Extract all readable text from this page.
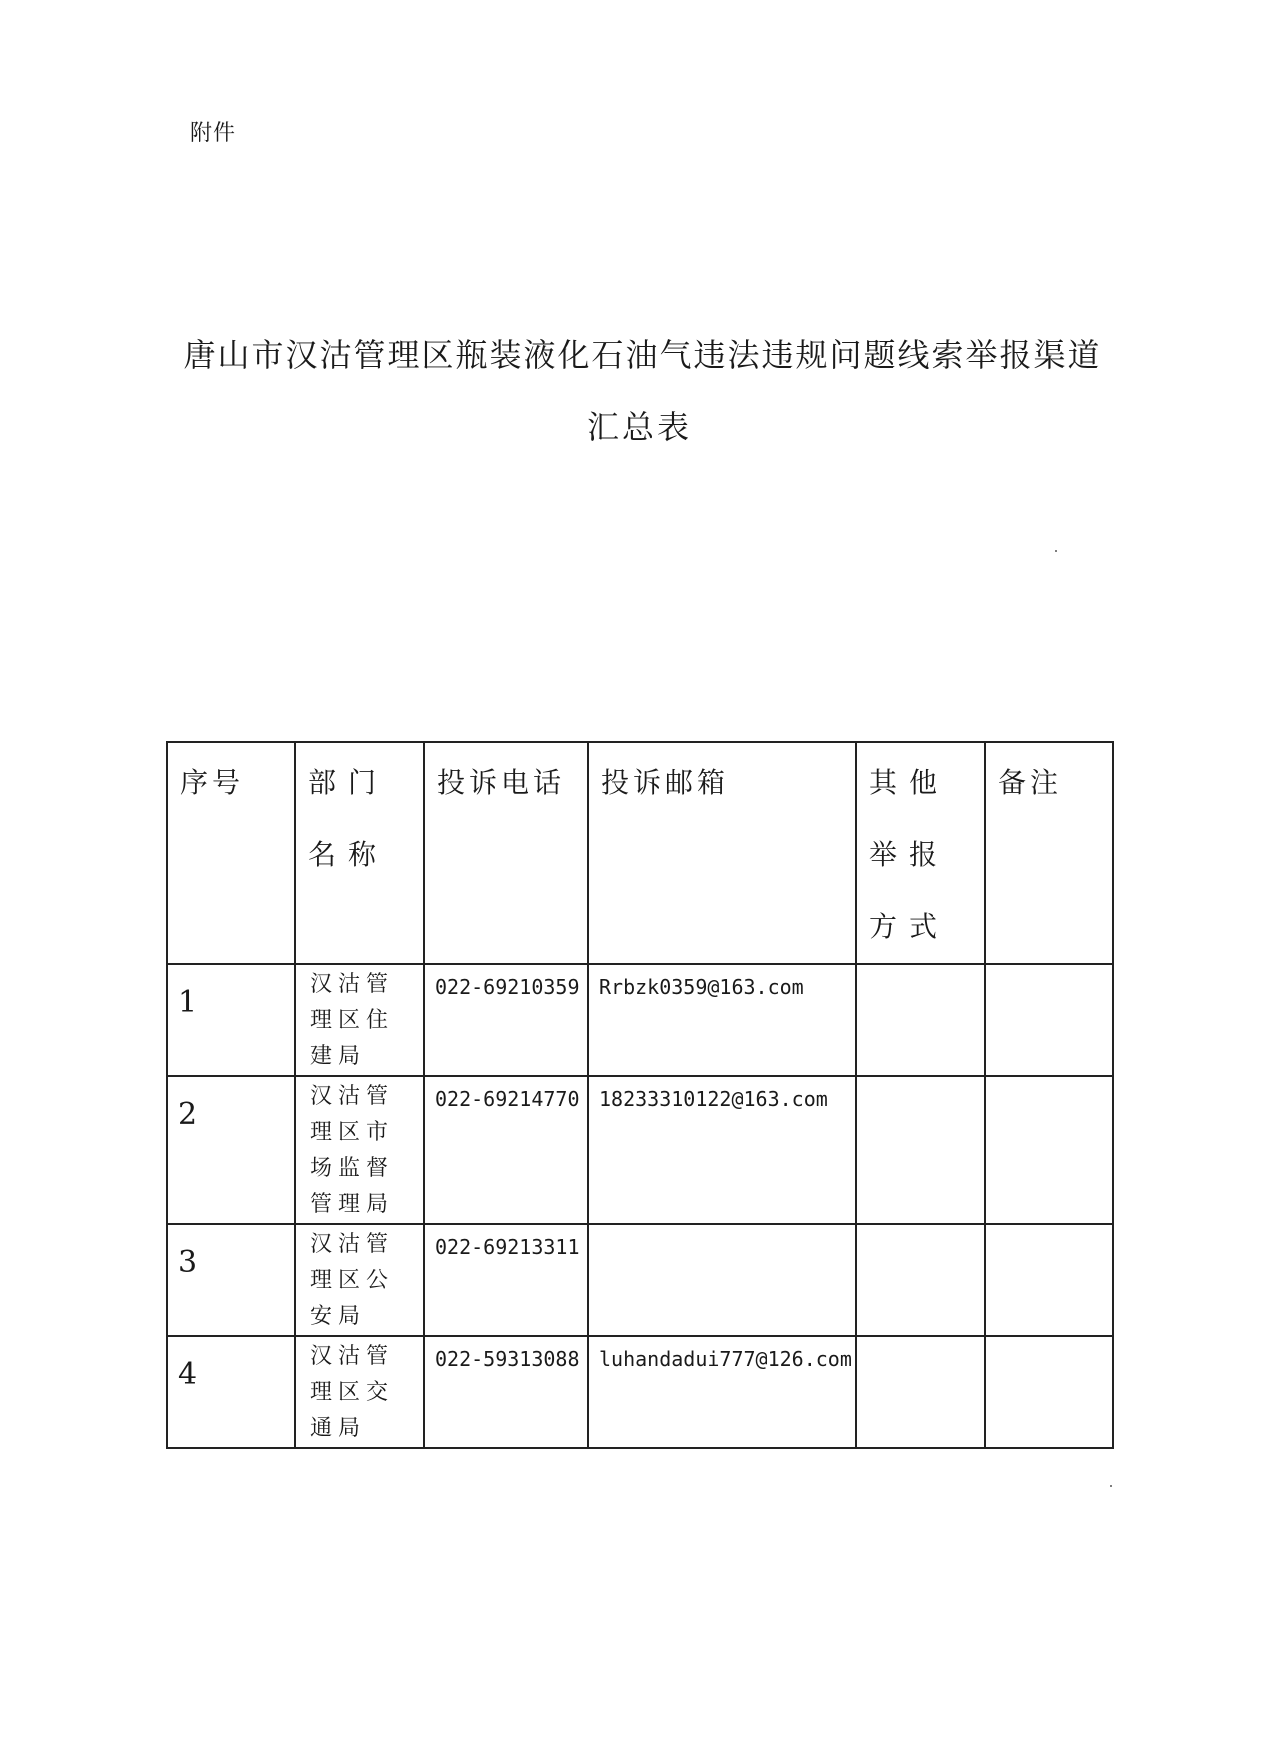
附件
唐山市汉沽管理区瓶装液化石油气违法违规问题线索举报渠道
汇总表
序号	部门名称	投诉电话	投诉邮箱	其他举报方式	备注
1	汉沽管理区住建局	022-69210359	Rrbzk0359@163.com		
2	汉沽管理区市场监督管理局	022-69214770	18233310122@163.com		
3	汉沽管理区公安局	022-69213311			
4	汉沽管理区交通局	022-59313088	luhandadui777@126.com		
